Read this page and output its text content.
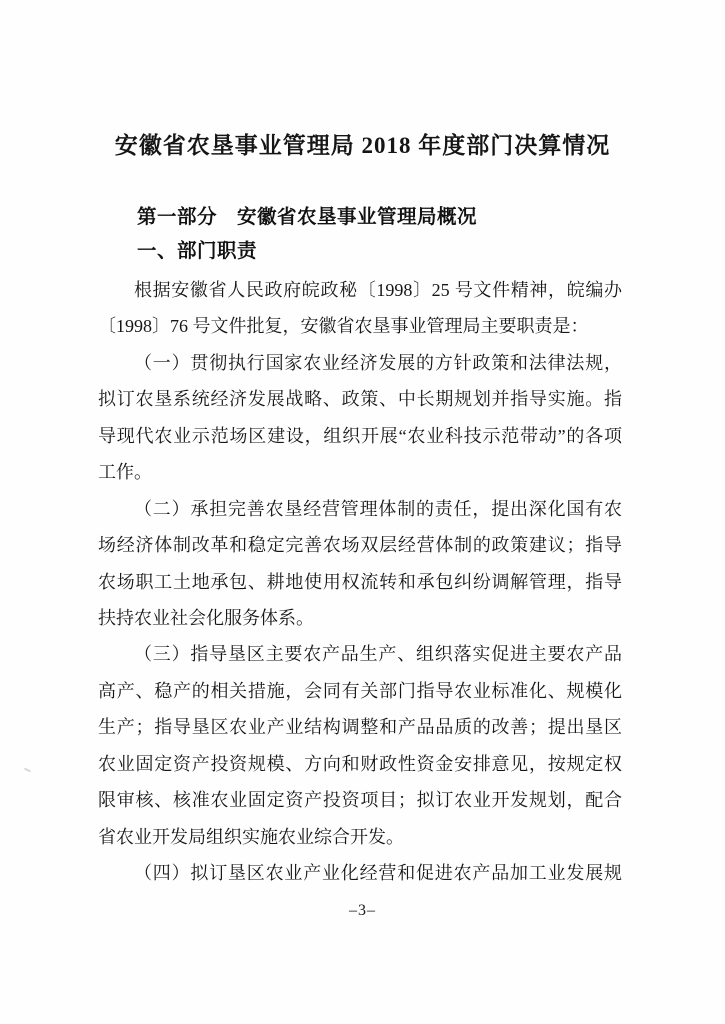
安徽省农垦事业管理局 2018 年度部门决算情况
第一部分　安徽省农垦事业管理局概况
一、部门职责
根据安徽省人民政府皖政秘〔1998〕25 号文件精神，皖编办
〔1998〕76 号文件批复，安徽省农垦事业管理局主要职责是：
（一）贯彻执行国家农业经济发展的方针政策和法律法规，
拟订农垦系统经济发展战略、政策、中长期规划并指导实施。指
导现代农业示范场区建设，组织开展“农业科技示范带动”的各项
工作。
（二）承担完善农垦经营管理体制的责任，提出深化国有农
场经济体制改革和稳定完善农场双层经营体制的政策建议；指导
农场职工土地承包、耕地使用权流转和承包纠纷调解管理，指导
扶持农业社会化服务体系。
（三）指导垦区主要农产品生产、组织落实促进主要农产品
高产、稳产的相关措施，会同有关部门指导农业标准化、规模化
生产；指导垦区农业产业结构调整和产品品质的改善；提出垦区
农业固定资产投资规模、方向和财政性资金安排意见，按规定权
限审核、核准农业固定资产投资项目；拟订农业开发规划，配合
省农业开发局组织实施农业综合开发。
（四）拟订垦区农业产业化经营和促进农产品加工业发展规
–3–
